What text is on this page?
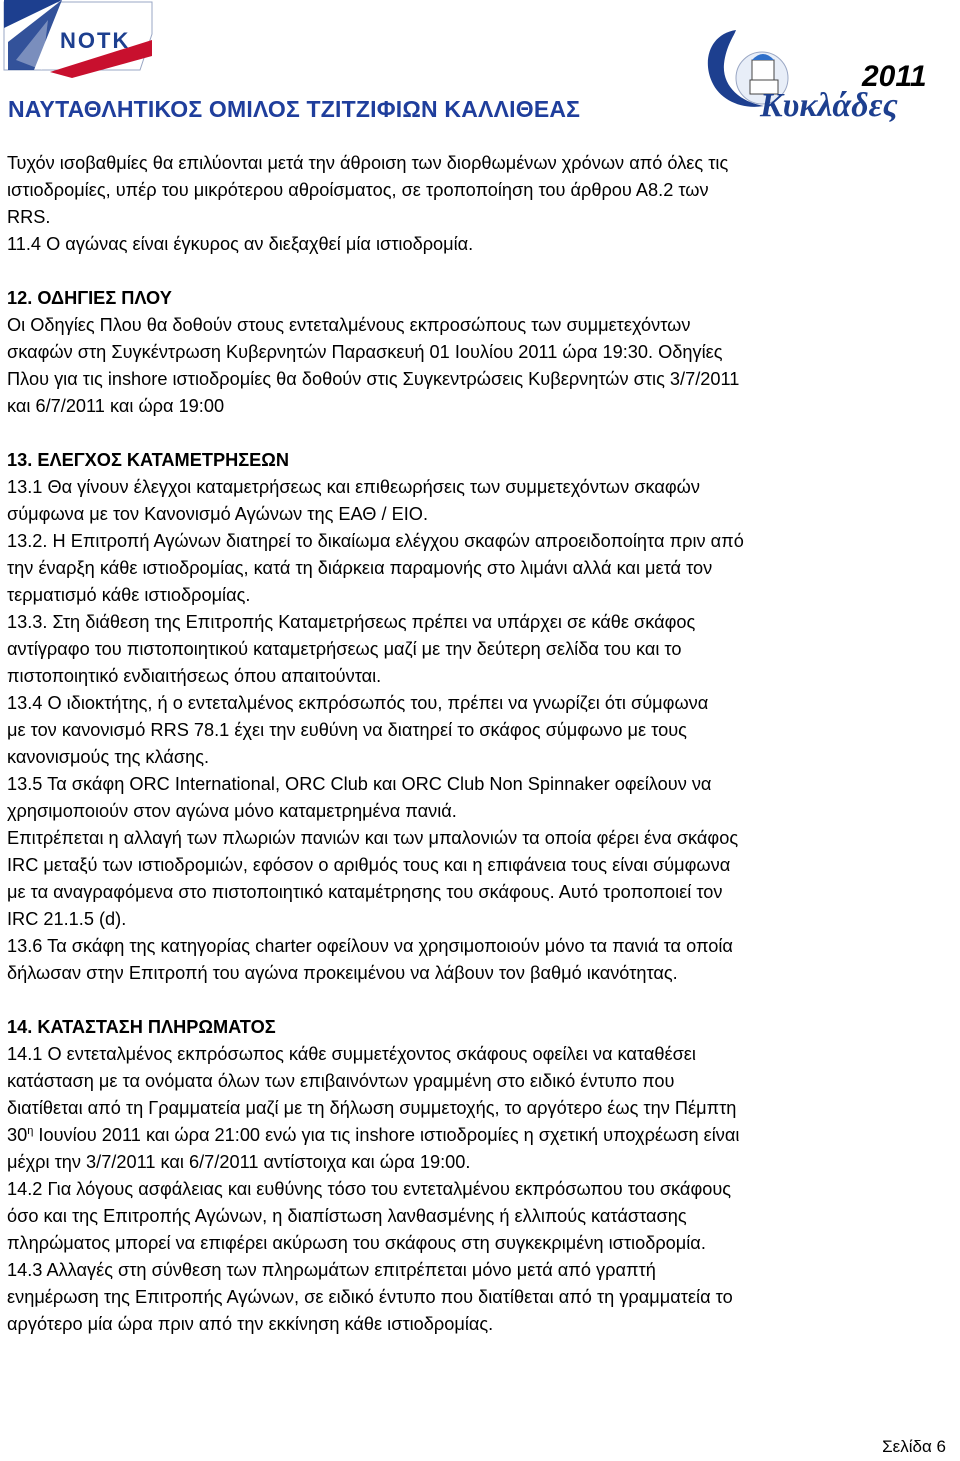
NOTK
ΝΑΥΤΑΘΛΗΤΙΚΟΣ ΟΜΙΛΟΣ ΤΖΙΤΖΙΦΙΩΝ ΚΑΛΛΙΘΕΑΣ	Κυκλάδες
2011

Τυχόν ισοβαθμίες θα επιλύονται μετά την άθροιση των διορθωμένων χρόνων από όλες τις

ιστιοδρομίες, υπέρ του μικρότερου αθροίσματος, σε τροποποίηση του άρθρου Α8.2 των

RRS.

11.4 Ο αγώνας είναι έγκυρος αν διεξαχθεί μία ιστιοδρομία.

12. ΟΔΗΓΙΕΣ ΠΛΟΥ

Οι Οδηγίες Πλου θα δοθούν στους εντεταλμένους εκπροσώπους των συμμετεχόντων

σκαφών στη Συγκέντρωση Κυβερνητών Παρασκευή 01 Ιουλίου 2011 ώρα 19:30. Οδηγίες

Πλου για τις inshore ιστιοδρομίες θα δοθούν στις Συγκεντρώσεις Κυβερνητών στις 3/7/2011

και 6/7/2011 και ώρα 19:00

13. ΕΛΕΓΧΟΣ ΚΑΤΑΜΕΤΡΗΣΕΩΝ

13.1 Θα γίνουν έλεγχοι καταμετρήσεως και επιθεωρήσεις των συμμετεχόντων σκαφών

σύμφωνα με τον Κανονισμό Αγώνων της ΕΑΘ / ΕΙΟ.

13.2. Η Επιτροπή Αγώνων διατηρεί το δικαίωμα ελέγχου σκαφών απροειδοποίητα πριν από

την έναρξη κάθε ιστιοδρομίας, κατά τη διάρκεια παραμονής στο λιμάνι αλλά και μετά τον

τερματισμό κάθε ιστιοδρομίας.

13.3. Στη διάθεση της Επιτροπής Καταμετρήσεως πρέπει να υπάρχει σε κάθε σκάφος

αντίγραφο του πιστοποιητικού καταμετρήσεως μαζί με την δεύτερη σελίδα του και το

πιστοποιητικό ενδιαιτήσεως όπου απαιτούνται.

13.4 Ο ιδιοκτήτης, ή ο εντεταλμένος εκπρόσωπός του, πρέπει να γνωρίζει ότι σύμφωνα

με τον κανονισμό RRS 78.1 έχει την ευθύνη να διατηρεί το σκάφος σύμφωνο με τους

κανονισμούς της κλάσης.

13.5 Τα σκάφη ORC International, ORC Club και ORC Club Non Spinnaker οφείλουν να

χρησιμοποιούν στον αγώνα μόνο καταμετρημένα πανιά.

Επιτρέπεται η αλλαγή των πλωριών πανιών και των μπαλονιών τα οποία φέρει ένα σκάφος

IRC μεταξύ των ιστιοδρομιών, εφόσον ο αριθμός τους και η επιφάνεια τους είναι σύμφωνα

με τα αναγραφόμενα στο πιστοποιητικό καταμέτρησης του σκάφους. Αυτό τροποποιεί τον

IRC 21.1.5 (d).

13.6 Τα σκάφη της κατηγορίας charter οφείλουν να χρησιμοποιούν μόνο τα πανιά τα οποία

δήλωσαν στην Επιτροπή του αγώνα προκειμένου να λάβουν τον βαθμό ικανότητας.

14. ΚΑΤΑΣΤΑΣΗ ΠΛΗΡΩΜΑΤΟΣ

14.1 Ο εντεταλμένος εκπρόσωπος κάθε συμμετέχοντος σκάφους οφείλει να καταθέσει

κατάσταση με τα ονόματα όλων των επιβαινόντων γραμμένη στο ειδικό έντυπο που

διατίθεται από τη Γραμματεία μαζί με τη δήλωση συμμετοχής, το αργότερο έως την Πέμπτη

$30^\eta$ Ιουνίου 2011 και ώρα 21:00 ενώ για τις inshore ιστιοδρομίες η σχετική υποχρέωση είναι

μέχρι την 3/7/2011 και 6/7/2011 αντίστοιχα και ώρα 19:00.

14.2 Για λόγους ασφάλειας και ευθύνης τόσο του εντεταλμένου εκπρόσωπου του σκάφους

όσο και της Επιτροπής Αγώνων, η διαπίστωση λανθασμένης ή ελλιπούς κατάστασης

πληρώματος μπορεί να επιφέρει ακύρωση του σκάφους στη συγκεκριμένη ιστιοδρομία.

14.3 Αλλαγές στη σύνθεση των πληρωμάτων επιτρέπεται μόνο μετά από γραπτή

ενημέρωση της Επιτροπής Αγώνων, σε ειδικό έντυπο που διατίθεται από τη γραμματεία το

αργότερο μία ώρα πριν από την εκκίνηση κάθε ιστιοδρομίας.

Σελίδα 6
